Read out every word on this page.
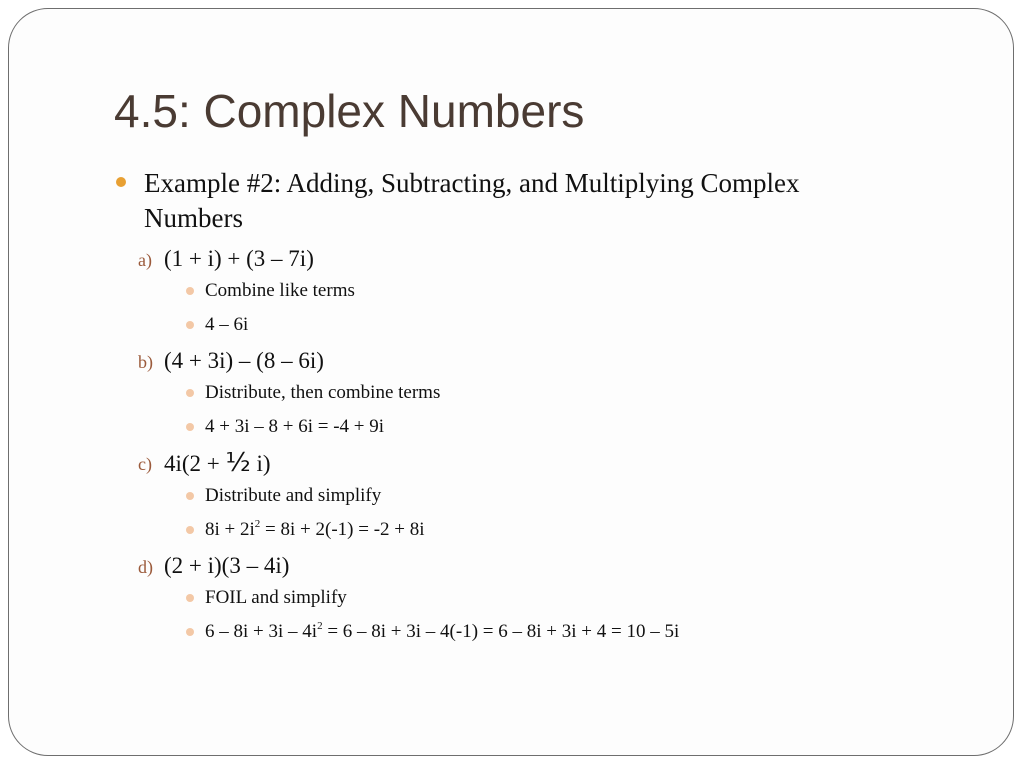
4.5: Complex Numbers
Example #2: Adding, Subtracting, and Multiplying Complex
Numbers
a) (1 + i) + (3 – 7i)
Combine like terms
4 – 6i
b) (4 + 3i) – (8 – 6i)
Distribute, then combine terms
4 + 3i – 8 + 6i = -4 + 9i
c) 4i(2 + ½ i)
Distribute and simplify
$8i + 2i^2 = 8i + 2(-1) = -2 + 8i$
d) (2 + i)(3 – 4i)
FOIL and simplify
$6 - 8i + 3i - 4i^2 = 6 - 8i + 3i - 4(-1) = 6 - 8i + 3i + 4 = 10 - 5i$
